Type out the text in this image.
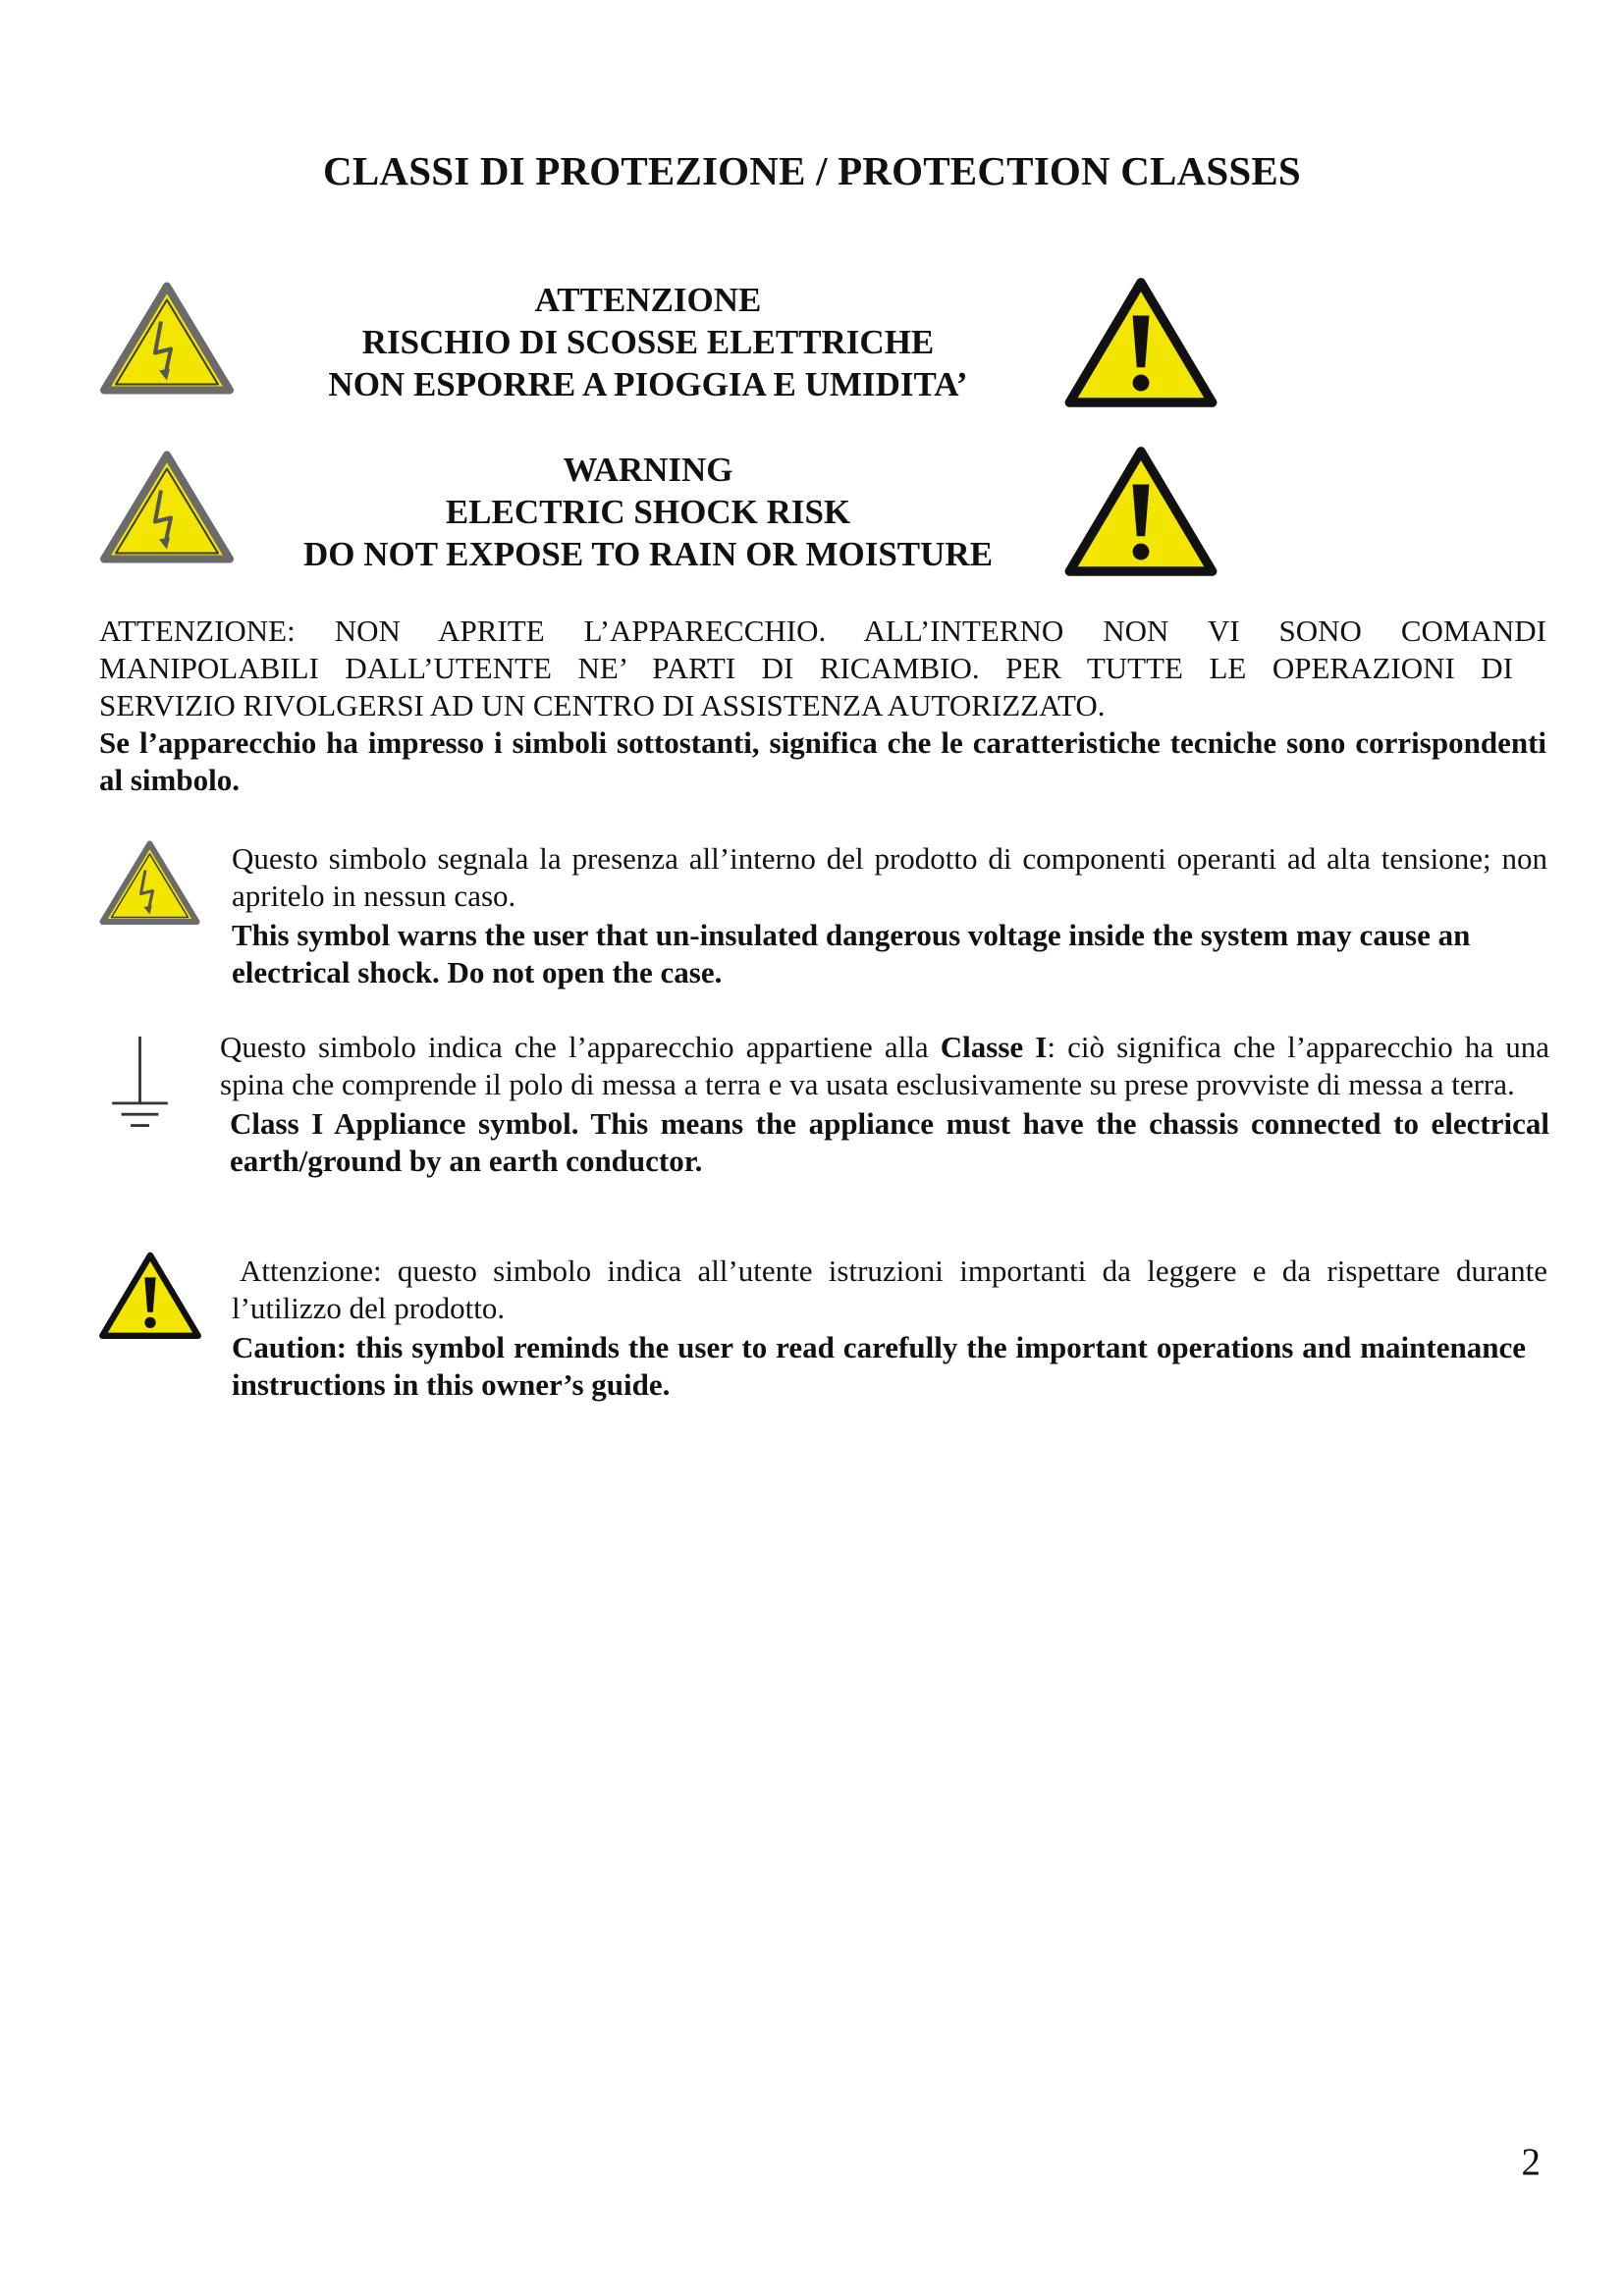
CLASSI DI PROTEZIONE / PROTECTION CLASSES
ATTENZIONE
RISCHIO DI SCOSSE ELETTRICHE
NON ESPORRE A PIOGGIA E UMIDITA’
WARNING
ELECTRIC SHOCK RISK
DO NOT EXPOSE TO RAIN OR MOISTURE
ATTENZIONE: NON APRITE L’APPARECCHIO. ALL’INTERNO NON VI SONO COMANDI
MANIPOLABILI DALL’UTENTE NE’ PARTI DI RICAMBIO. PER TUTTE LE OPERAZIONI DI
SERVIZIO RIVOLGERSI AD UN CENTRO DI ASSISTENZA AUTORIZZATO.

Se l’apparecchio ha impresso i simboli sottostanti, significa che le caratteristiche tecniche sono corrispondenti al simbolo.

Questo simbolo segnala la presenza all’interno del prodotto di componenti operanti ad alta tensione; non apritelo in nessun caso.

This symbol warns the user that un-insulated dangerous voltage inside the system may cause an electrical shock. Do not open the case.

Questo simbolo indica che l’apparecchio appartiene alla Classe I: ciò significa che l’apparecchio ha una spina che comprende il polo di messa a terra e va usata esclusivamente su prese provviste di messa a terra.

Class I Appliance symbol. This means the appliance must have the chassis connected to electrical earth/ground by an earth conductor.

Attenzione: questo simbolo indica all’utente istruzioni importanti da leggere e da rispettare durante l’utilizzo del prodotto.

Caution: this symbol reminds the user to read carefully the important operations and maintenance instructions in this owner’s guide.

2
